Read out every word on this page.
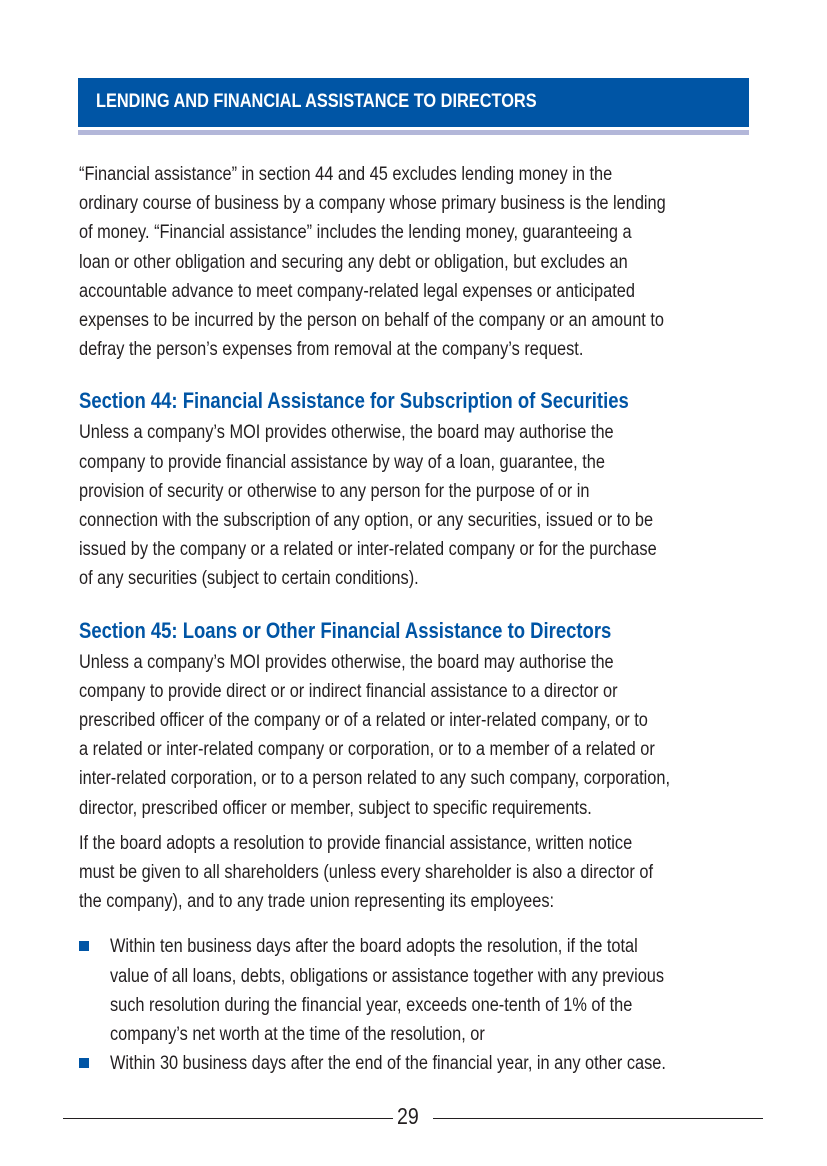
LENDING AND FINANCIAL ASSISTANCE TO DIRECTORS

“Financial assistance” in section 44 and 45 excludes lending money in the
ordinary course of business by a company whose primary business is the lending
of money. “Financial assistance” includes the lending money, guaranteeing a
loan or other obligation and securing any debt or obligation, but excludes an
accountable advance to meet company-related legal expenses or anticipated
expenses to be incurred by the person on behalf of the company or an amount to
defray the person’s expenses from removal at the company’s request.

Section 44: Financial Assistance for Subscription of Securities

Unless a company’s MOI provides otherwise, the board may authorise the
company to provide financial assistance by way of a loan, guarantee, the
provision of security or otherwise to any person for the purpose of or in
connection with the subscription of any option, or any securities, issued or to be
issued by the company or a related or inter-related company or for the purchase
of any securities (subject to certain conditions).

Section 45: Loans or Other Financial Assistance to Directors

Unless a company’s MOI provides otherwise, the board may authorise the
company to provide direct or or indirect financial assistance to a director or
prescribed officer of the company or of a related or inter-related company, or to
a related or inter-related company or corporation, or to a member of a related or
inter-related corporation, or to a person related to any such company, corporation,
director, prescribed officer or member, subject to specific requirements.

If the board adopts a resolution to provide financial assistance, written notice
must be given to all shareholders (unless every shareholder is also a director of
the company), and to any trade union representing its employees:

Within ten business days after the board adopts the resolution, if the total
value of all loans, debts, obligations or assistance together with any previous
such resolution during the financial year, exceeds one-tenth of 1% of the
company’s net worth at the time of the resolution, or

Within 30 business days after the end of the financial year, in any other case.

29
